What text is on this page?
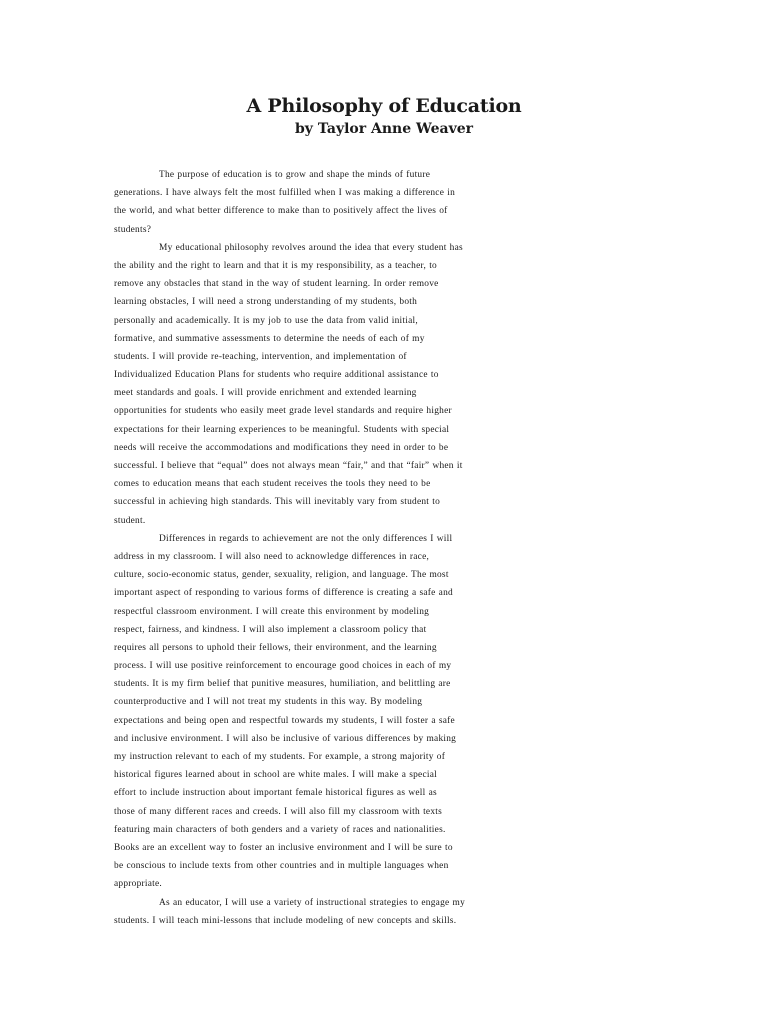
A Philosophy of Education
by Taylor Anne Weaver
The purpose of education is to grow and shape the minds of future
generations. I have always felt the most fulfilled when I was making a difference in
the world, and what better difference to make than to positively affect the lives of
students?
My educational philosophy revolves around the idea that every student has
the ability and the right to learn and that it is my responsibility, as a teacher, to
remove any obstacles that stand in the way of student learning. In order remove
learning obstacles, I will need a strong understanding of my students, both
personally and academically. It is my job to use the data from valid initial,
formative, and summative assessments to determine the needs of each of my
students. I will provide re-teaching, intervention, and implementation of
Individualized Education Plans for students who require additional assistance to
meet standards and goals. I will provide enrichment and extended learning
opportunities for students who easily meet grade level standards and require higher
expectations for their learning experiences to be meaningful. Students with special
needs will receive the accommodations and modifications they need in order to be
successful. I believe that “equal” does not always mean “fair,” and that “fair” when it
comes to education means that each student receives the tools they need to be
successful in achieving high standards. This will inevitably vary from student to
student.
Differences in regards to achievement are not the only differences I will
address in my classroom. I will also need to acknowledge differences in race,
culture, socio-economic status, gender, sexuality, religion, and language. The most
important aspect of responding to various forms of difference is creating a safe and
respectful classroom environment. I will create this environment by modeling
respect, fairness, and kindness. I will also implement a classroom policy that
requires all persons to uphold their fellows, their environment, and the learning
process. I will use positive reinforcement to encourage good choices in each of my
students. It is my firm belief that punitive measures, humiliation, and belittling are
counterproductive and I will not treat my students in this way. By modeling
expectations and being open and respectful towards my students, I will foster a safe
and inclusive environment. I will also be inclusive of various differences by making
my instruction relevant to each of my students. For example, a strong majority of
historical figures learned about in school are white males. I will make a special
effort to include instruction about important female historical figures as well as
those of many different races and creeds. I will also fill my classroom with texts
featuring main characters of both genders and a variety of races and nationalities.
Books are an excellent way to foster an inclusive environment and I will be sure to
be conscious to include texts from other countries and in multiple languages when
appropriate.
As an educator, I will use a variety of instructional strategies to engage my
students. I will teach mini-lessons that include modeling of new concepts and skills.
